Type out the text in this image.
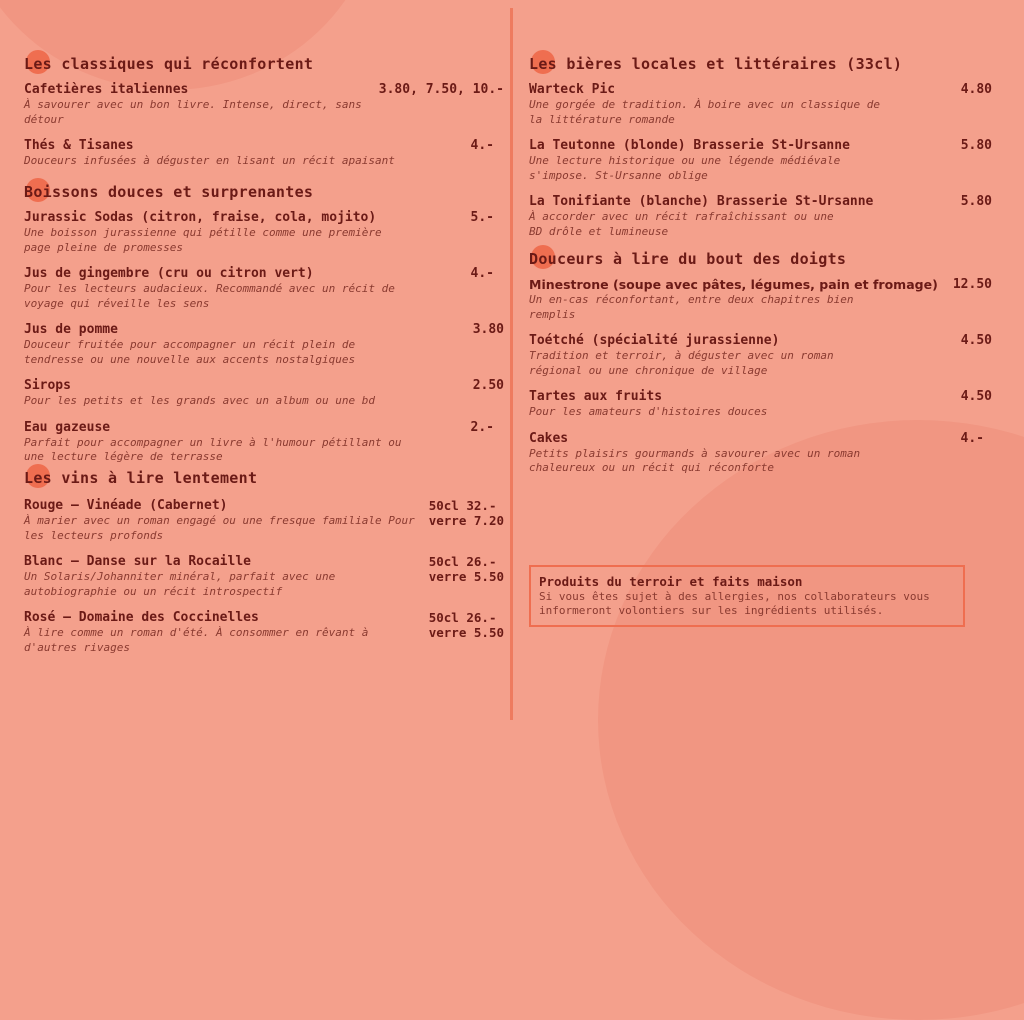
Les classiques qui réconfortent
Cafetières italiennes	3.80, 7.50, 10.-
À savourer avec un bon livre. Intense, direct, sans détour
Thés & Tisanes	4.-
Douceurs infusées à déguster en lisant un récit apaisant
Boissons douces et surprenantes
Jurassic Sodas (citron, fraise, cola, mojito)	5.-
Une boisson jurassienne qui pétille comme une première page pleine de promesses
Jus de gingembre (cru ou citron vert)	4.-
Pour les lecteurs audacieux. Recommandé avec un récit de voyage qui réveille les sens
Jus de pomme	3.80
Douceur fruitée pour accompagner un récit plein de tendresse ou une nouvelle aux accents nostalgiques
Sirops	2.50
Pour les petits et les grands avec un album ou une bd
Eau gazeuse	2.-
Parfait pour accompagner un livre à l'humour pétillant ou une lecture légère de terrasse
Les vins à lire lentement
Rouge – Vinéade (Cabernet)
À marier avec un roman engagé ou une fresque familiale Pour les lecteurs profonds
50cl 32.-
verre 7.20
Blanc – Danse sur la Rocaille
Un Solaris/Johanniter minéral, parfait avec une autobiographie ou un récit introspectif
50cl 26.-
verre 5.50
Rosé – Domaine des Coccinelles
À lire comme un roman d'été. À consommer en rêvant à d'autres rivages
50cl 26.-
verre 5.50
Les bières locales et littéraires (33cl)
Warteck Pic	4.80
Une gorgée de tradition. À boire avec un classique de la littérature romande
La Teutonne (blonde) Brasserie St-Ursanne	5.80
Une lecture historique ou une légende médiévale s'impose. St-Ursanne oblige
La Tonifiante (blanche) Brasserie St-Ursanne	5.80
À accorder avec un récit rafraîchissant ou une BD drôle et lumineuse
Douceurs à lire du bout des doigts
Minestrone (soupe avec pâtes, légumes, pain et fromage) 12.50
Un en-cas réconfortant, entre deux chapitres bien remplis
Toétché (spécialité jurassienne)	4.50
Tradition et terroir, à déguster avec un roman régional ou une chronique de village
Tartes aux fruits	4.50
Pour les amateurs d'histoires douces
Cakes	4.-
Petits plaisirs gourmands à savourer avec un roman chaleureux ou un récit qui réconforte
Produits du terroir et faits maison
Si vous êtes sujet à des allergies, nos collaborateurs vous informeront volontiers sur les ingrédients utilisés.
